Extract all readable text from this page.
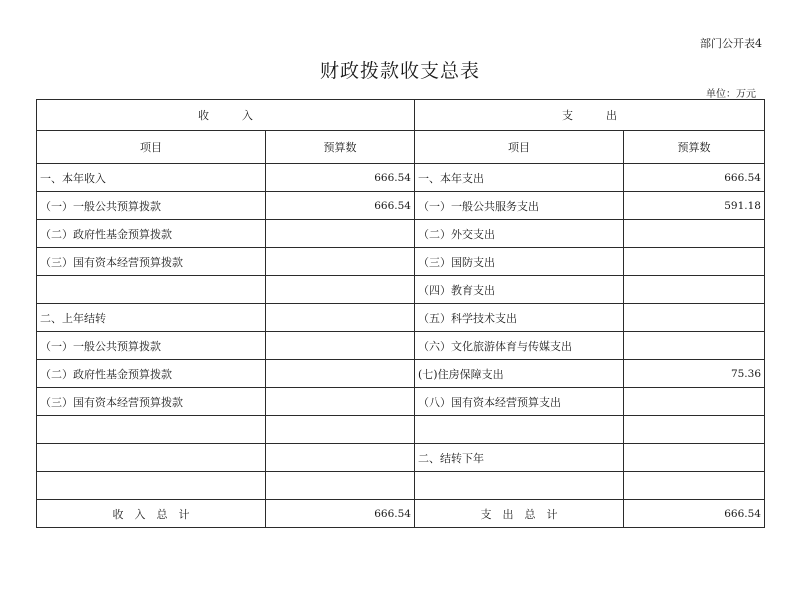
部门公开表4
财政拨款收支总表
单位：万元
收　　　入		支　　　出	
项目	预算数	项目	预算数
一、本年收入	666.54	一、本年支出	666.54
（一）一般公共预算拨款	666.54	（一）一般公共服务支出	591.18
（二）政府性基金预算拨款		（二）外交支出	
（三）国有资本经营预算拨款		（三）国防支出	
		（四）教育支出	
二、上年结转		（五）科学技术支出	
（一）一般公共预算拨款		（六）文化旅游体育与传媒支出	
（二）政府性基金预算拨款		(七)住房保障支出	75.36
（三）国有资本经营预算拨款		（八）国有资本经营预算支出	

		二、结转下年	

收　入　总　计	666.54	支　出　总　计	666.54
